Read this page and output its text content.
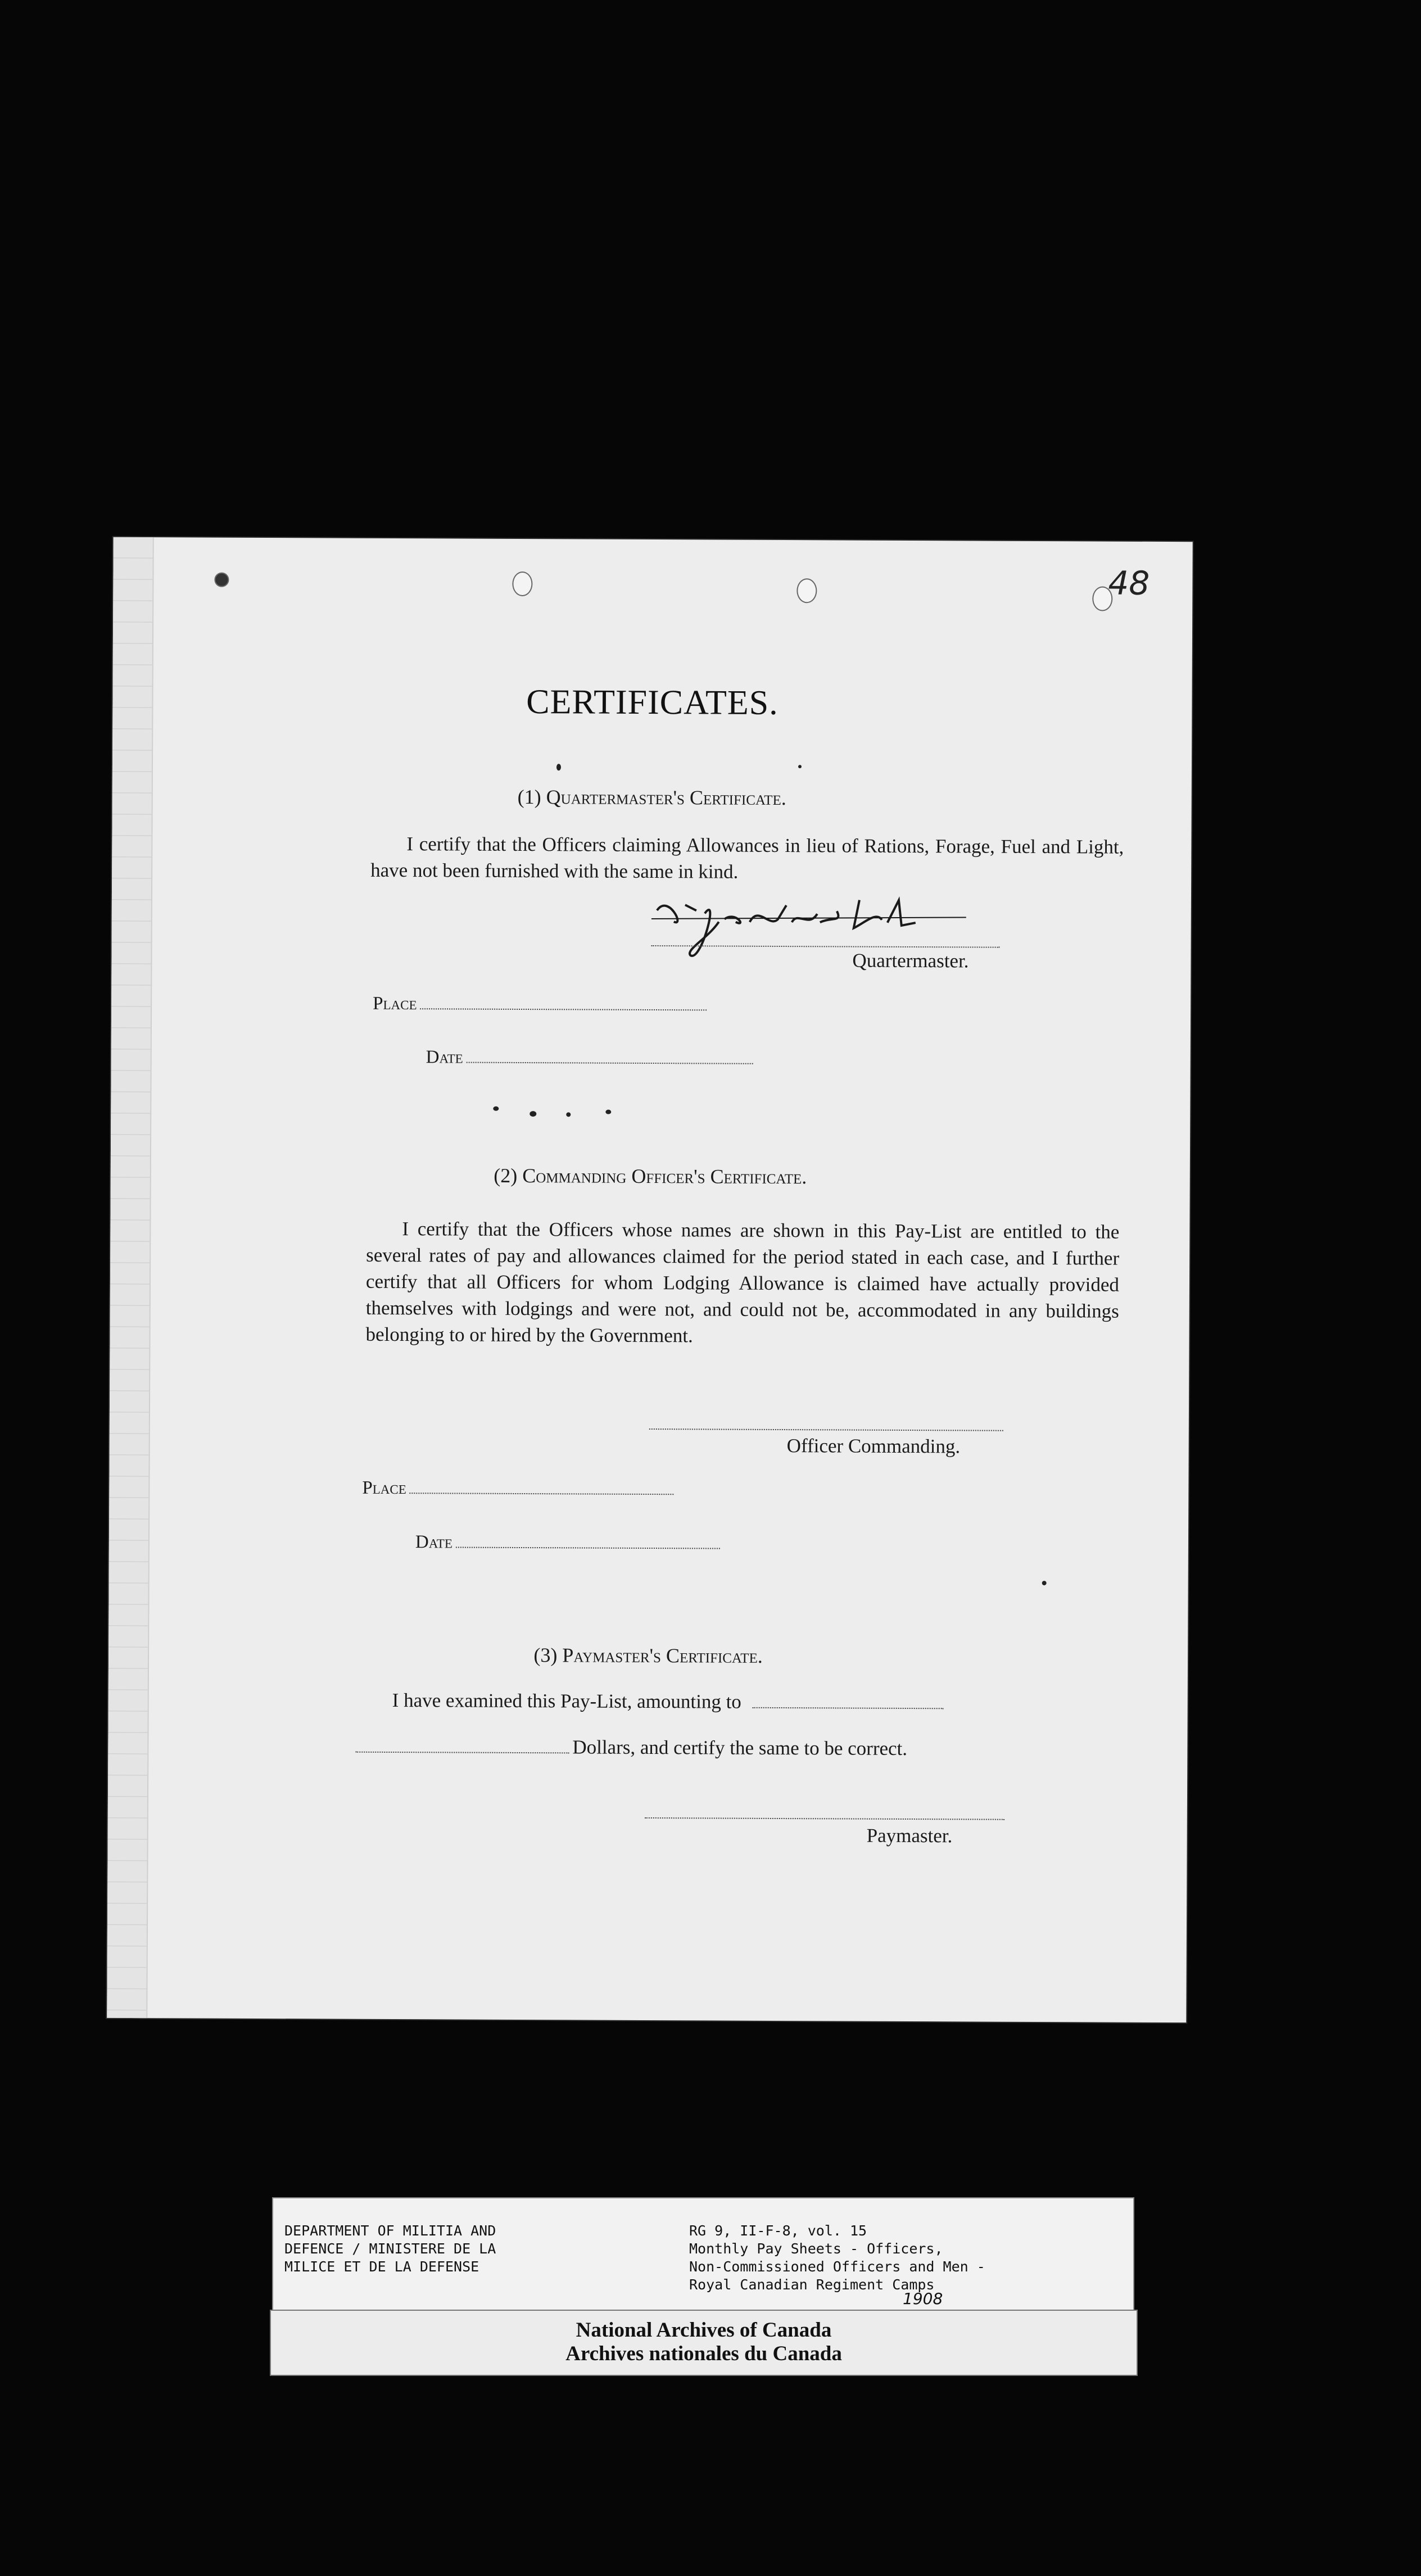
48
CERTIFICATES.
(1) Quartermaster's Certificate.
I certify that the Officers claiming Allowances in lieu of Rations, Forage, Fuel and Light, have not been furnished with the same in kind.
Quartermaster.
Place
Date
(2) Commanding Officer's Certificate.
I certify that the Officers whose names are shown in this Pay-List are entitled to the several rates of pay and allowances claimed for the period stated in each case, and I further certify that all Officers for whom Lodging Allowance is claimed have actually provided themselves with lodgings and were not, and could not be, accommodated in any buildings belonging to or hired by the Government.
Officer Commanding.
Place
Date
(3) Paymaster's Certificate.
I have examined this Pay-List, amounting to
Dollars, and certify the same to be correct.
Paymaster.
DEPARTMENT OF MILITIA AND
DEFENCE / MINISTERE DE LA
MILICE ET DE LA DEFENSE
RG 9, II-F-8, vol. 15
Monthly Pay Sheets - Officers,
Non-Commissioned Officers and Men -
Royal Canadian Regiment Camps
1908
National Archives of Canada
Archives nationales du Canada
